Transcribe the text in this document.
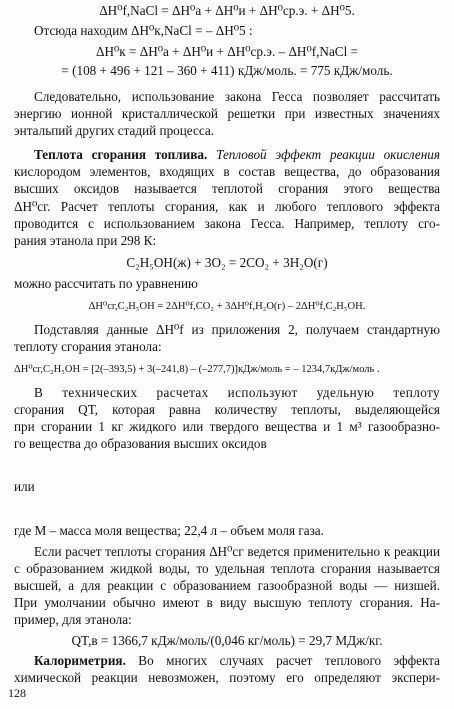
ΔH⁰f,NaCl = ΔH⁰а + ΔH⁰и + ΔH⁰ср.э. + ΔH⁰5.
Отсюда находим ΔH⁰к,NaCl = – ΔH⁰5 :
ΔH⁰к = ΔH⁰а + ΔH⁰и + ΔH⁰ср.э. – ΔH⁰f,NaCl =
= (108 + 496 + 121 – 360 + 411) кДж/моль. = 775 кДж/моль.
Следовательно, использование закона Гесса позволяет рассчитать
энергию ионной кристаллической решетки при известных значениях
энтальпий других стадий процесса.
Теплота сгорания топлива. Тепловой эффект реакции окисления
кислородом элементов, входящих в состав вещества, до образования
высших оксидов называется теплотой сгорания этого вещества
ΔH⁰сг. Расчет теплоты сгорания, как и любого теплового эффекта
проводится с использованием закона Гесса. Например, теплоту сго-
рания этанола при 298 К:
C₂H₅OH(ж) + 3O₂ = 2CO₂ + 3H₂O(г)
можно рассчитать по уравнению
ΔH⁰сг,C₂H₅OH = 2ΔH⁰f,CO₂ + 3ΔH⁰f,H₂O(г) – 2ΔH⁰f,C₂H₅OH.
Подставляя данные ΔH⁰f из приложения 2, получаем стандартную
теплоту сгорания этанола:
ΔH⁰сг,C₂H₅OH = [2(–393,5) + 3(–241,8) – (–277,7)]кДж/моль = – 1234,7кДж/моль .
В технических расчетах используют удельную теплоту
сгорания QT, которая равна количеству теплоты, выделяющейся
при сгорании 1 кг жидкого или твердого вещества и 1 м³ газообразно-
го вещества до образования высших оксидов
или
где M – масса моля вещества; 22,4 л – объем моля газа.
Если расчет теплоты сгорания ΔH⁰сг ведется применительно к реакции
с образованием жидкой воды, то удельная теплота сгорания называется
высшей, а для реакции с образованием газообразной воды — низшей.
При умолчании обычно имеют в виду высшую теплоту сгорания. На-
пример, для этанола:
QT,в = 1366,7 кДж/моль/(0,046 кг/моль) = 29,7 МДж/кг.
Калориметрия. Во многих случаях расчет теплового эффекта
химической реакции невозможен, поэтому его определяют экспери-
128
